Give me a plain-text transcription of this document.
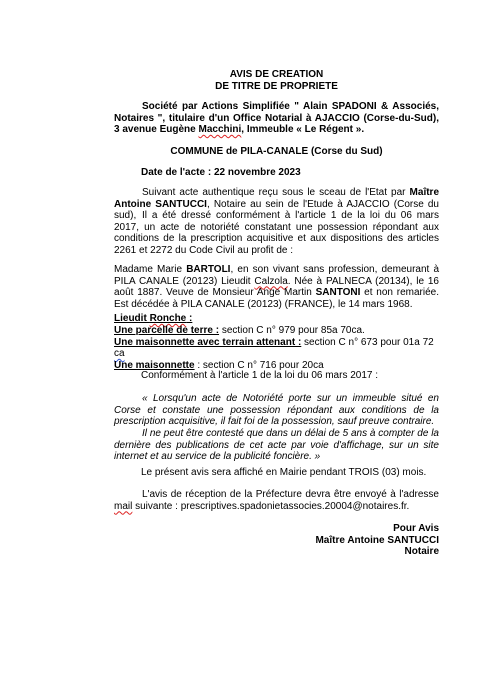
AVIS DE CREATION
DE TITRE DE PROPRIETE
Société par Actions Simplifiée " Alain SPADONI & Associés, Notaires ", titulaire d'un Office Notarial à AJACCIO (Corse-du-Sud), 3 avenue Eugène Macchini, Immeuble « Le Régent ».
COMMUNE de PILA-CANALE (Corse du Sud)
Date de l'acte : 22 novembre 2023
Suivant acte authentique reçu sous le sceau de l'Etat par Maître Antoine SANTUCCI, Notaire au sein de l'Etude à AJACCIO (Corse du sud), Il a été dressé conformément à l'article 1 de la loi du 06 mars 2017, un acte de notoriété constatant une possession répondant aux conditions de la prescription acquisitive et aux dispositions des articles 2261 et 2272 du Code Civil au profit de :
Madame Marie BARTOLI, en son vivant sans profession, demeurant à PILA CANALE (20123) Lieudit Calzola. Née à PALNECA (20134), le 16 août 1887. Veuve de Monsieur Ange Martin SANTONI et non remariée. Est décédée à PILA CANALE (20123) (FRANCE), le 14 mars 1968.
Lieudit Ronche :
Une parcelle de terre : section C n° 979 pour 85a 70ca.
Une maisonnette avec terrain attenant : section C n° 673 pour 01a 72 ca
Une maisonnette : section C n° 716 pour 20ca
Conformément à l'article 1 de la loi du 06 mars 2017 :
« Lorsqu'un acte de Notoriété porte sur un immeuble situé en Corse et constate une possession répondant aux conditions de la prescription acquisitive, il fait foi de la possession, sauf preuve contraire.
Il ne peut être contesté que dans un délai de 5 ans à compter de la dernière des publications de cet acte par voie d'affichage, sur un site internet et au service de la publicité foncière. »
Le présent avis sera affiché en Mairie pendant TROIS (03) mois.
L'avis de réception de la Préfecture devra être envoyé à l'adresse mail suivante : prescriptives.spadonietassocies.20004@notaires.fr.
Pour Avis
Maître Antoine SANTUCCI
Notaire
